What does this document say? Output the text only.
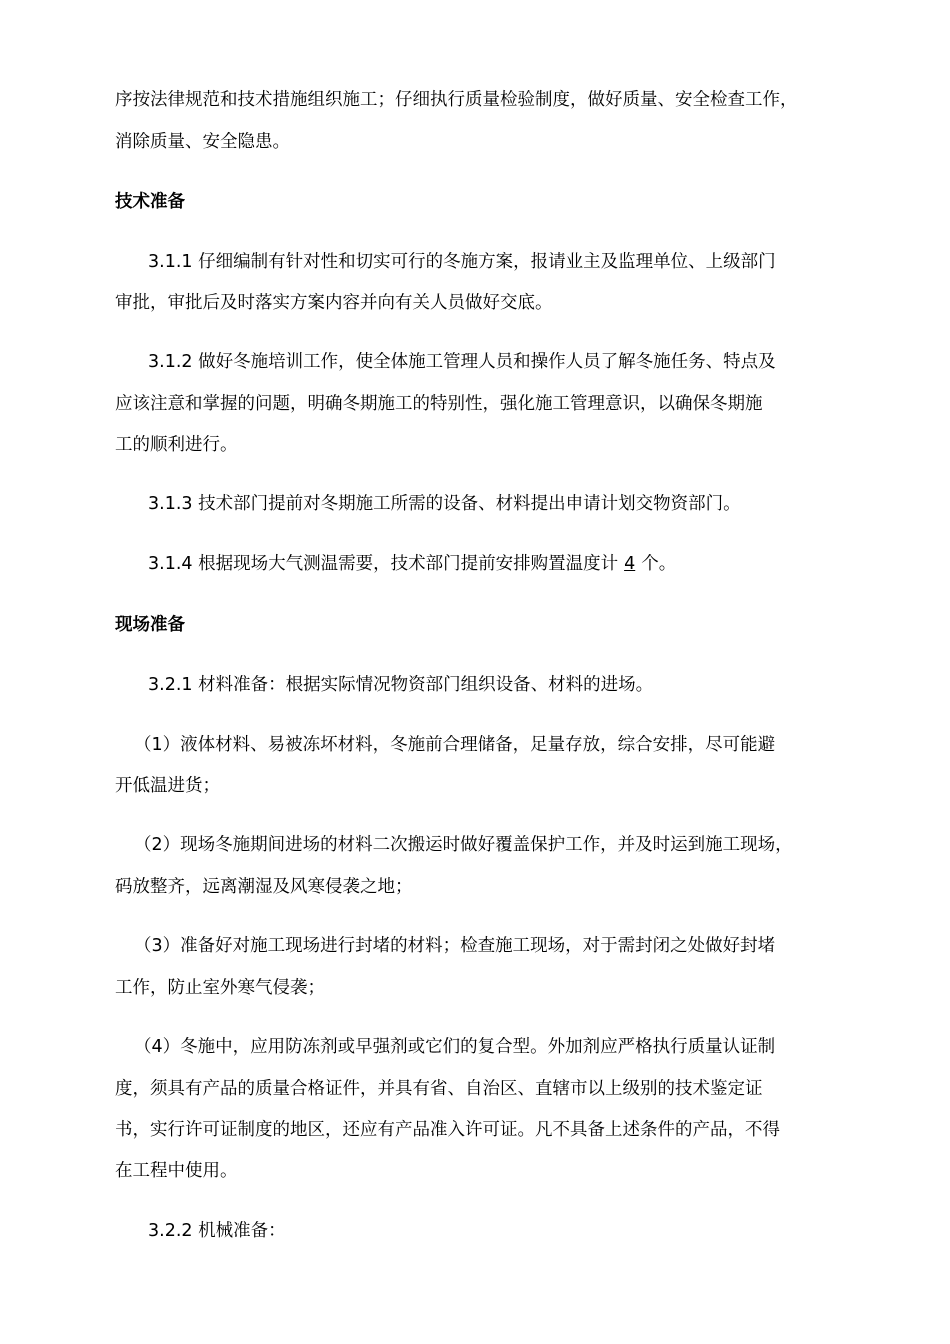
序按法律规范和技术措施组织施工；仔细执行质量检验制度，做好质量、安全检查工作，
消除质量、安全隐患。
技术准备
3.1.1 仔细编制有针对性和切实可行的冬施方案，报请业主及监理单位、上级部门
审批，审批后及时落实方案内容并向有关人员做好交底。
3.1.2 做好冬施培训工作，使全体施工管理人员和操作人员了解冬施任务、特点及
应该注意和掌握的问题，明确冬期施工的特别性，强化施工管理意识，以确保冬期施
工的顺利进行。
3.1.3 技术部门提前对冬期施工所需的设备、材料提出申请计划交物资部门。
3.1.4 根据现场大气测温需要，技术部门提前安排购置温度计 4 个。
现场准备
3.2.1 材料准备：根据实际情况物资部门组织设备、材料的进场。
（1）液体材料、易被冻坏材料，冬施前合理储备，足量存放，综合安排，尽可能避
开低温进货；
（2）现场冬施期间进场的材料二次搬运时做好覆盖保护工作，并及时运到施工现场，
码放整齐，远离潮湿及风寒侵袭之地；
（3）准备好对施工现场进行封堵的材料；检查施工现场，对于需封闭之处做好封堵
工作，防止室外寒气侵袭；
（4）冬施中，应用防冻剂或早强剂或它们的复合型。外加剂应严格执行质量认证制
度，须具有产品的质量合格证件，并具有省、自治区、直辖市以上级别的技术鉴定证
书，实行许可证制度的地区，还应有产品准入许可证。凡不具备上述条件的产品，不得
在工程中使用。
3.2.2 机械准备：
